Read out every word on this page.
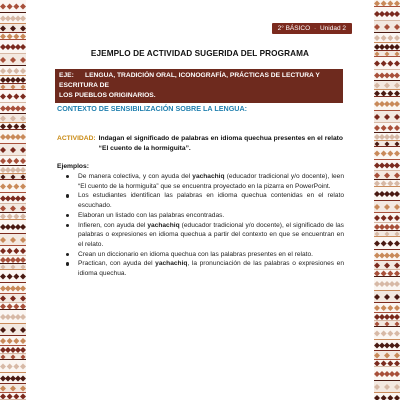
2° BÁSICO · Unidad 2
EJEMPLO DE ACTIVIDAD SUGERIDA DEL PROGRAMA
EJE: LENGUA, TRADICIÓN ORAL, ICONOGRAFÍA, PRÁCTICAS DE LECTURA Y ESCRITURA DE
LOS PUEBLOS ORIGINARIOS.
CONTEXTO DE SENSIBILIZACIÓN SOBRE LA LENGUA:
ACTIVIDAD: Indagan el significado de palabras en idioma quechua presentes en el relato “El cuento de la hormiguita”.
Ejemplos:
De manera colectiva, y con ayuda del yachachiq (educador tradicional y/o docente), leen “El cuento de la hormiguita” que se encuentra proyectado en la pizarra en PowerPoint.
Los estudiantes identifican las palabras en idioma quechua contenidas en el relato escuchado.
Elaboran un listado con las palabras encontradas.
Infieren, con ayuda del yachachiq (educador tradicional y/o docente), el significado de las palabras o expresiones en idioma quechua a partir del contexto en que se encuentran en el relato.
Crean un diccionario en idioma quechua con las palabras presentes en el relato.
Practican, con ayuda del yachachiq, la pronunciación de las palabras o expresiones en idioma quechua.
